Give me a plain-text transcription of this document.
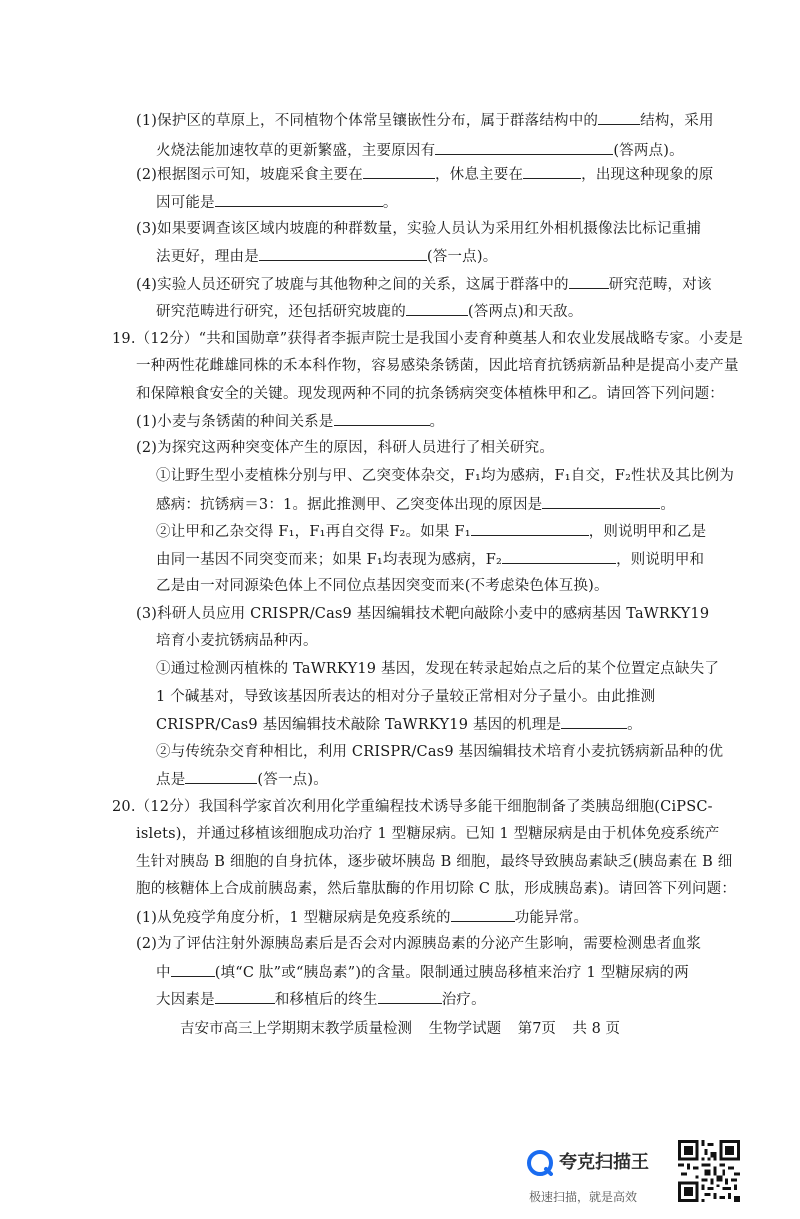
(1)保护区的草原上，不同植物个体常呈镶嵌性分布，属于群落结构中的	结构，采用
火烧法能加速牧草的更新繁盛，主要原因有	(答两点)。
(2)根据图示可知，坡鹿采食主要在	，休息主要在	，出现这种现象的原
因可能是	。
(3)如果要调查该区域内坡鹿的种群数量，实验人员认为采用红外相机摄像法比标记重捕
法更好，理由是	(答一点)。
(4)实验人员还研究了坡鹿与其他物种之间的关系，这属于群落中的	研究范畴，对该
研究范畴进行研究，还包括研究坡鹿的	(答两点)和天敌。
19.（12分）“共和国勋章”获得者李振声院士是我国小麦育种奠基人和农业发展战略专家。小麦是
一种两性花雌雄同株的禾本科作物，容易感染条锈菌，因此培育抗锈病新品种是提高小麦产量
和保障粮食安全的关键。现发现两种不同的抗条锈病突变体植株甲和乙。请回答下列问题：
(1)小麦与条锈菌的种间关系是	。
(2)为探究这两种突变体产生的原因，科研人员进行了相关研究。
①让野生型小麦植株分别与甲、乙突变体杂交，F₁均为感病，F₁自交，F₂性状及其比例为
感病：抗锈病＝3：1。据此推测甲、乙突变体出现的原因是	。
②让甲和乙杂交得 F₁，F₁再自交得 F₂。如果 F₁	，则说明甲和乙是
由同一基因不同突变而来；如果 F₁均表现为感病，F₂	，则说明甲和
乙是由一对同源染色体上不同位点基因突变而来(不考虑染色体互换)。
(3)科研人员应用 CRISPR/Cas9 基因编辑技术靶向敲除小麦中的感病基因 TaWRKY19
培育小麦抗锈病品种丙。
①通过检测丙植株的 TaWRKY19 基因，发现在转录起始点之后的某个位置定点缺失了
1 个碱基对，导致该基因所表达的相对分子量较正常相对分子量小。由此推测
CRISPR/Cas9 基因编辑技术敲除 TaWRKY19 基因的机理是	。
②与传统杂交育种相比，利用 CRISPR/Cas9 基因编辑技术培育小麦抗锈病新品种的优
点是	(答一点)。
20.（12分）我国科学家首次利用化学重编程技术诱导多能干细胞制备了类胰岛细胞(CiPSC-
islets)，并通过移植该细胞成功治疗 1 型糖尿病。已知 1 型糖尿病是由于机体免疫系统产
生针对胰岛 B 细胞的自身抗体，逐步破坏胰岛 B 细胞，最终导致胰岛素缺乏(胰岛素在 B 细
胞的核糖体上合成前胰岛素，然后靠肽酶的作用切除 C 肽，形成胰岛素)。请回答下列问题：
(1)从免疫学角度分析，1 型糖尿病是免疫系统的	功能异常。
(2)为了评估注射外源胰岛素后是否会对内源胰岛素的分泌产生影响，需要检测患者血浆
中	(填“C 肽”或“胰岛素”)的含量。限制通过胰岛移植来治疗 1 型糖尿病的两
大因素是	和移植后的终生	治疗。
吉安市高三上学期期末教学质量检测 生物学试题 第7页 共 8 页
夸克扫描王
极速扫描，就是高效
